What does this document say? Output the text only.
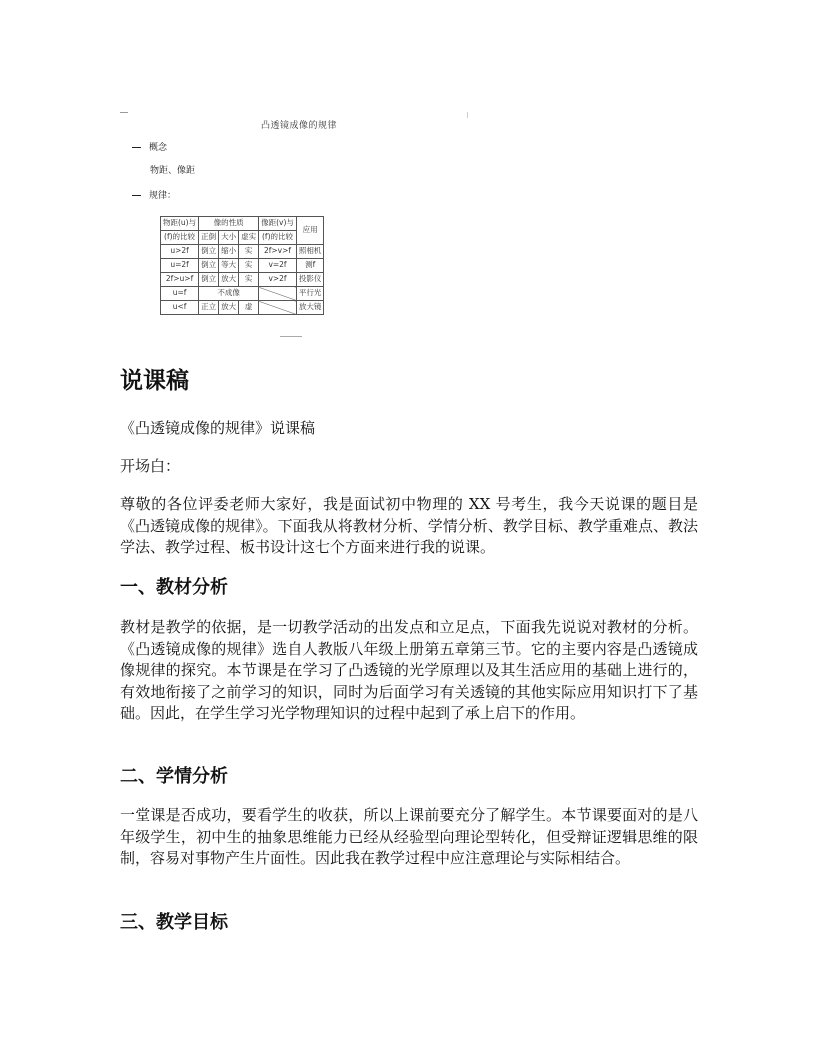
凸透镜成像的规律
概念
物距、像距
规律：
物距(u)与	像的性质			像距(v)与	应用
(f)的比较	正倒	大小	虚实	(f)的比较	
u>2f	倒立	缩小	实	2f>v>f	照相机
u=2f	倒立	等大	实	v=2f	测f
2f>u>f	倒立	放大	实	v>2f	投影仪
u=f	不成像				平行光
u<f	正立	放大	虚		放大镜
说课稿
《凸透镜成像的规律》说课稿
开场白：
尊敬的各位评委老师大家好，我是面试初中物理的 XX 号考生，我今天说课的题目是《凸透镜成像的规律》。下面我从将教材分析、学情分析、教学目标、教学重难点、教法学法、教学过程、板书设计这七个方面来进行我的说课。
一、教材分析
教材是教学的依据，是一切教学活动的出发点和立足点，下面我先说说对教材的分析。《凸透镜成像的规律》选自人教版八年级上册第五章第三节。它的主要内容是凸透镜成像规律的探究。本节课是在学习了凸透镜的光学原理以及其生活应用的基础上进行的，有效地衔接了之前学习的知识，同时为后面学习有关透镜的其他实际应用知识打下了基础。因此，在学生学习光学物理知识的过程中起到了承上启下的作用。
二、学情分析
一堂课是否成功，要看学生的收获，所以上课前要充分了解学生。本节课要面对的是八年级学生，初中生的抽象思维能力已经从经验型向理论型转化，但受辩证逻辑思维的限制，容易对事物产生片面性。因此我在教学过程中应注意理论与实际相结合。
三、教学目标
